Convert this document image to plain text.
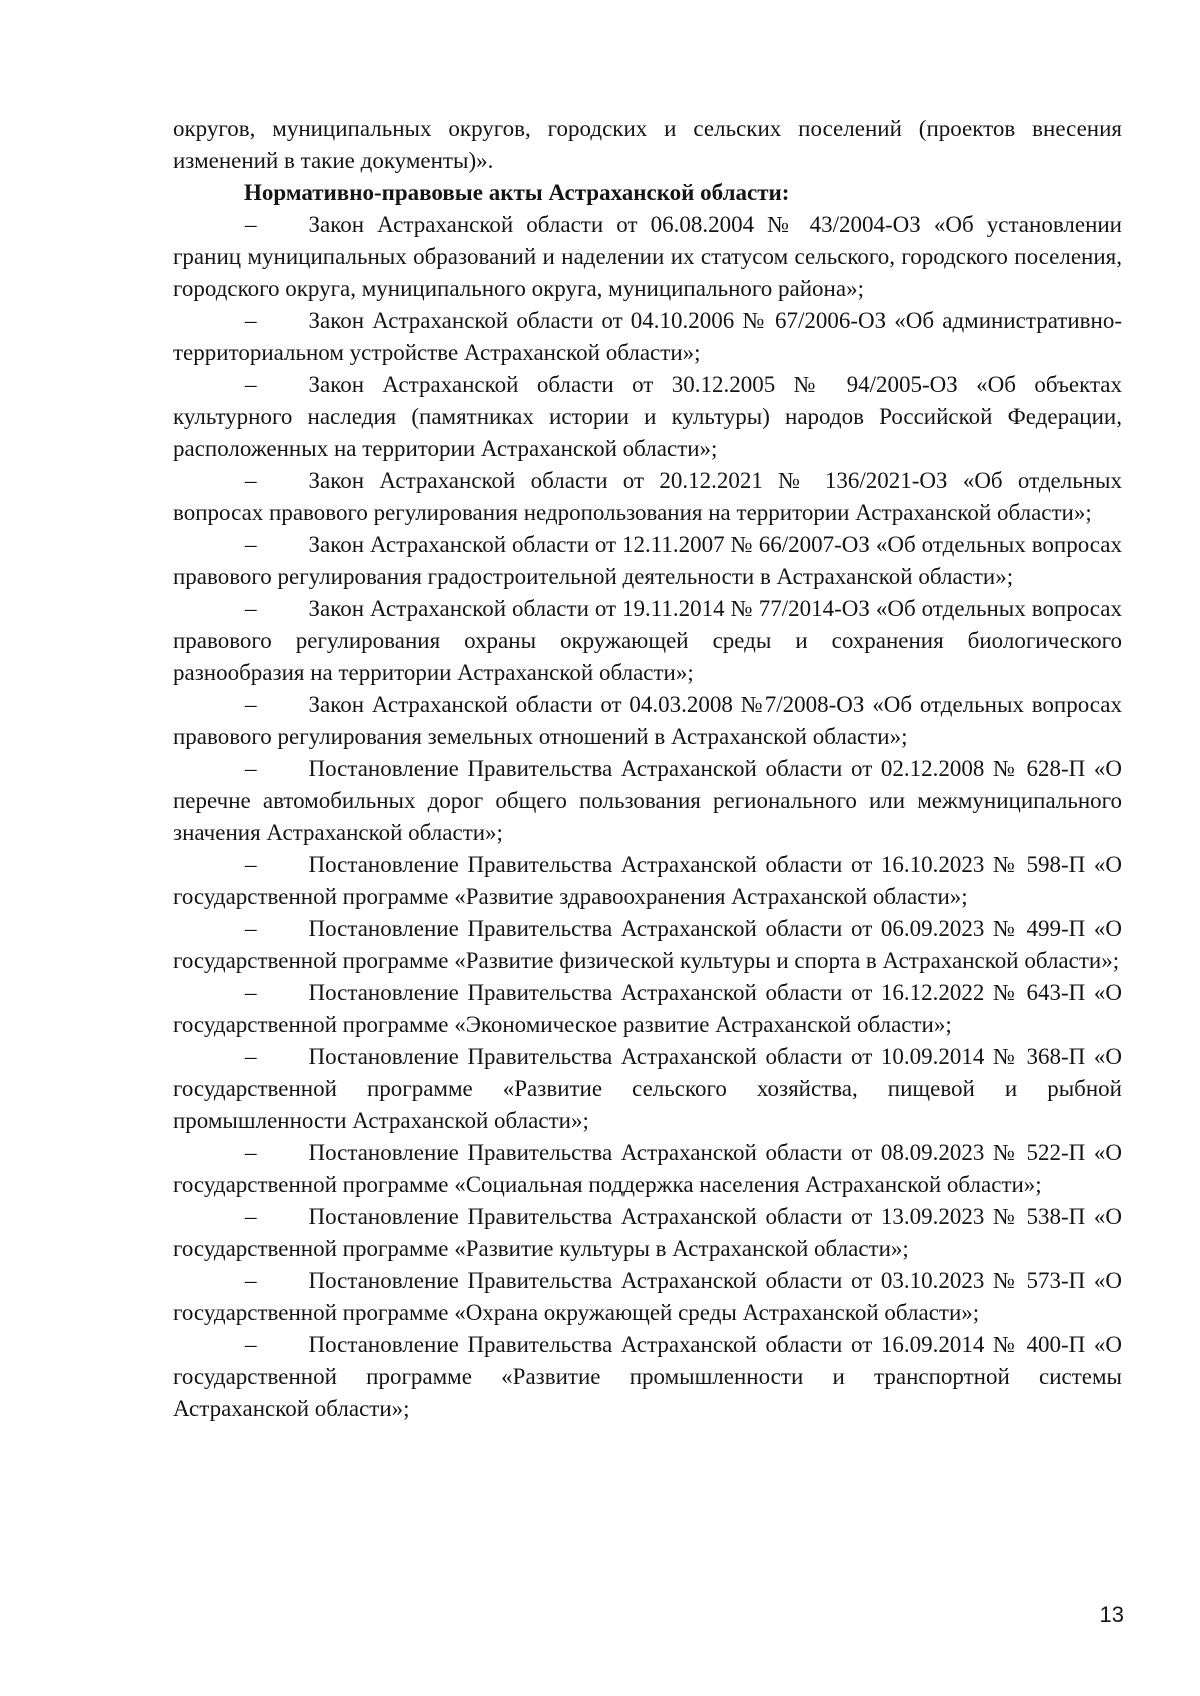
округов, муниципальных округов, городских и сельских поселений (проектов внесения изменений в такие документы)».

Нормативно-правовые акты Астраханской области:

– Закон Астраханской области от 06.08.2004 № 43/2004-ОЗ «Об установлении границ муниципальных образований и наделении их статусом сельского, городского поселения, городского округа, муниципального округа, муниципального района»;

– Закон Астраханской области от 04.10.2006 № 67/2006-ОЗ «Об административно-территориальном устройстве Астраханской области»;

– Закон Астраханской области от 30.12.2005 № 94/2005-ОЗ «Об объектах культурного наследия (памятниках истории и культуры) народов Российской Федерации, расположенных на территории Астраханской области»;

– Закон Астраханской области от 20.12.2021 № 136/2021-ОЗ «Об отдельных вопросах правового регулирования недропользования на территории Астраханской области»;

– Закон Астраханской области от 12.11.2007 № 66/2007-ОЗ «Об отдельных вопросах правового регулирования градостроительной деятельности в Астраханской области»;

– Закон Астраханской области от 19.11.2014 № 77/2014-ОЗ «Об отдельных вопросах правового регулирования охраны окружающей среды и сохранения биологического разнообразия на территории Астраханской области»;

– Закон Астраханской области от 04.03.2008 №7/2008-ОЗ «Об отдельных вопросах правового регулирования земельных отношений в Астраханской области»;

– Постановление Правительства Астраханской области от 02.12.2008 № 628-П «О перечне автомобильных дорог общего пользования регионального или межмуниципального значения Астраханской области»;

– Постановление Правительства Астраханской области от 16.10.2023 № 598-П «О государственной программе «Развитие здравоохранения Астраханской области»;

– Постановление Правительства Астраханской области от 06.09.2023 № 499-П «О государственной программе «Развитие физической культуры и спорта в Астраханской области»;

– Постановление Правительства Астраханской области от 16.12.2022 № 643-П «О государственной программе «Экономическое развитие Астраханской области»;

– Постановление Правительства Астраханской области от 10.09.2014 № 368-П «О государственной программе «Развитие сельского хозяйства, пищевой и рыбной промышленности Астраханской области»;

– Постановление Правительства Астраханской области от 08.09.2023 № 522-П «О государственной программе «Социальная поддержка населения Астраханской области»;

– Постановление Правительства Астраханской области от 13.09.2023 № 538-П «О государственной программе «Развитие культуры в Астраханской области»;

– Постановление Правительства Астраханской области от 03.10.2023 № 573-П «О государственной программе «Охрана окружающей среды Астраханской области»;

– Постановление Правительства Астраханской области от 16.09.2014 № 400-П «О государственной программе «Развитие промышленности и транспортной системы Астраханской области»;

13
